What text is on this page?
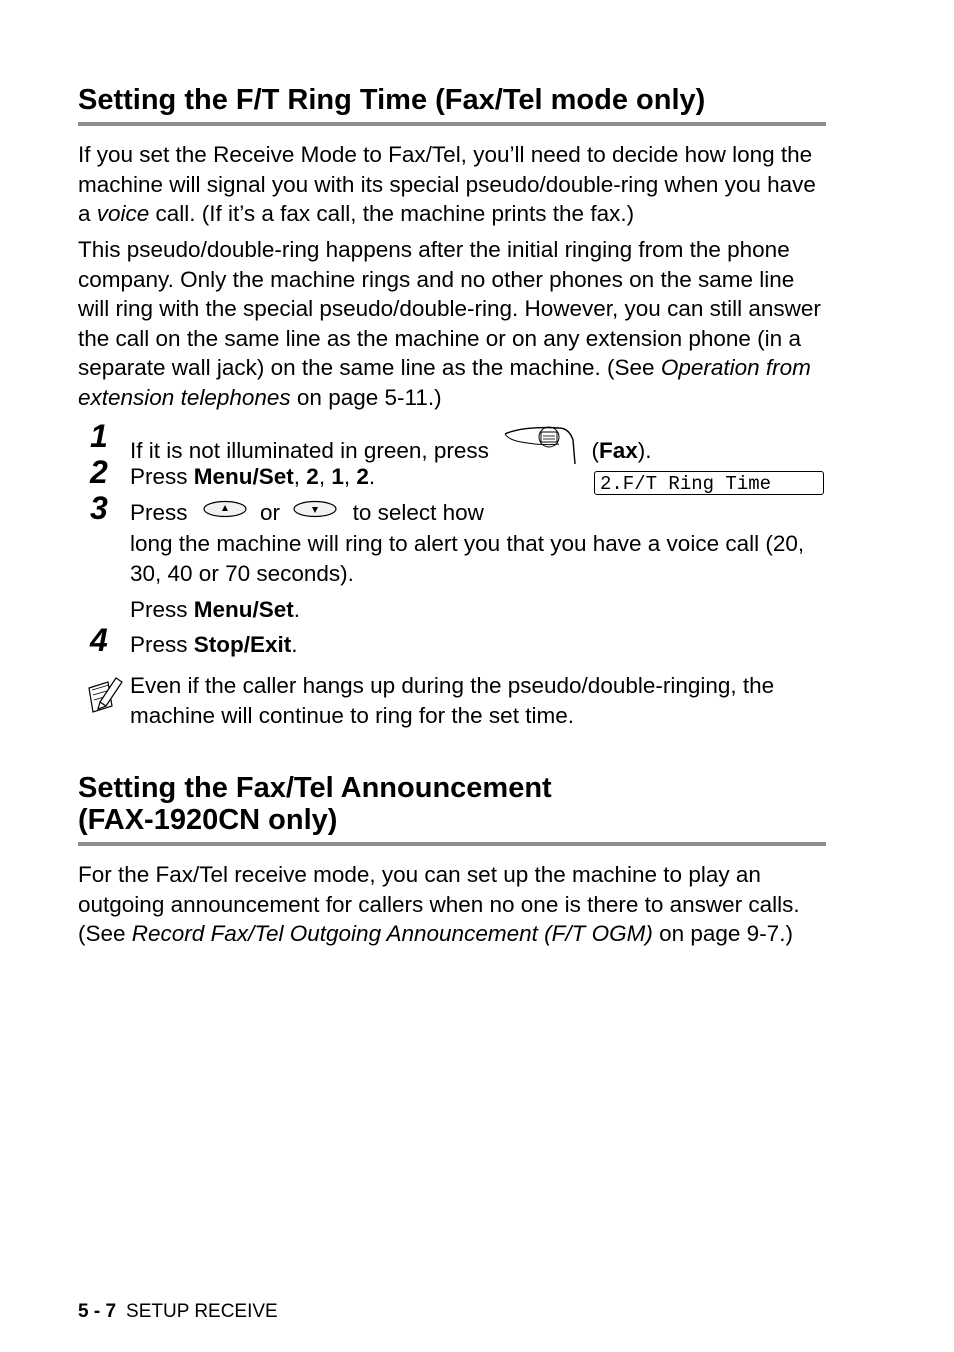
Setting the F/T Ring Time (Fax/Tel mode only)

If you set the Receive Mode to Fax/Tel, you’ll need to decide how long the machine will signal you with its special pseudo/double-ring when you have a voice call. (If it’s a fax call, the machine prints the fax.)

This pseudo/double-ring happens after the initial ringing from the phone company. Only the machine rings and no other phones on the same line will ring with the special pseudo/double-ring. However, you can still answer the call on the same line as the machine or on any extension phone (in a separate wall jack) on the same line as the machine. (See Operation from extension telephones on page 5-11.)

1 If it is not illuminated in green, press	(Fax).
2 Press Menu/Set, 2, 1, 2.
3 Press	or	to select how
long the machine will ring to alert you that you have a voice call (20, 30, 40 or 70 seconds).
Press Menu/Set.
4 Press Stop/Exit.
2.F/T Ring Time
Even if the caller hangs up during the pseudo/double-ringing, the machine will continue to ring for the set time.
Setting the Fax/Tel Announcement
(FAX-1920CN only)

For the Fax/Tel receive mode, you can set up the machine to play an outgoing announcement for callers when no one is there to answer calls. (See Record Fax/Tel Outgoing Announcement (F/T OGM) on page 9-7.)

5 - 7 SETUP RECEIVE
